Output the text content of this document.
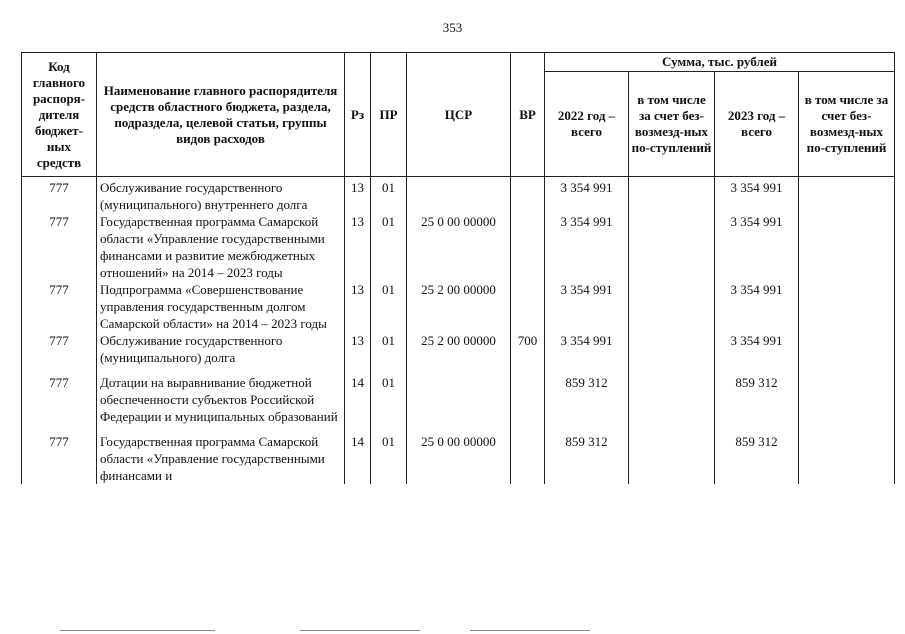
353
Код главного распоря-дителя бюджет-ных средств	Наименование главного распорядителя средств областного бюджета, раздела, подраздела, целевой статьи, группы видов расходов	Рз	ПР	ЦСР	ВР	Сумма, тыс. рублей			
						2022 год – всего	в том числе за счет без-возмезд-ных по-ступлений	2023 год – всего	в том числе за счет без-возмезд-ных по-ступлений

777	Обслуживание государственного (муниципального) внутреннего долга	13	01			3 354 991		3 354 991	
777	Государственная программа Самарской области «Управление государственными финансами и развитие межбюджетных отношений» на 2014 – 2023 годы	13	01	25 0 00 00000		3 354 991		3 354 991	
777	Подпрограмма «Совершенствование управления государственным долгом Самарской области» на 2014 – 2023 годы	13	01	25 2 00 00000		3 354 991		3 354 991	
777	Обслуживание государственного (муниципального) долга	13	01	25 2 00 00000	700	3 354 991		3 354 991	

777	Дотации на выравнивание бюджетной обеспеченности субъектов Российской Федерации и муниципальных образований	14	01			859 312		859 312	

777	Государственная программа Самарской области «Управление государственными финансами и	14	01	25 0 00 00000		859 312		859 312	
